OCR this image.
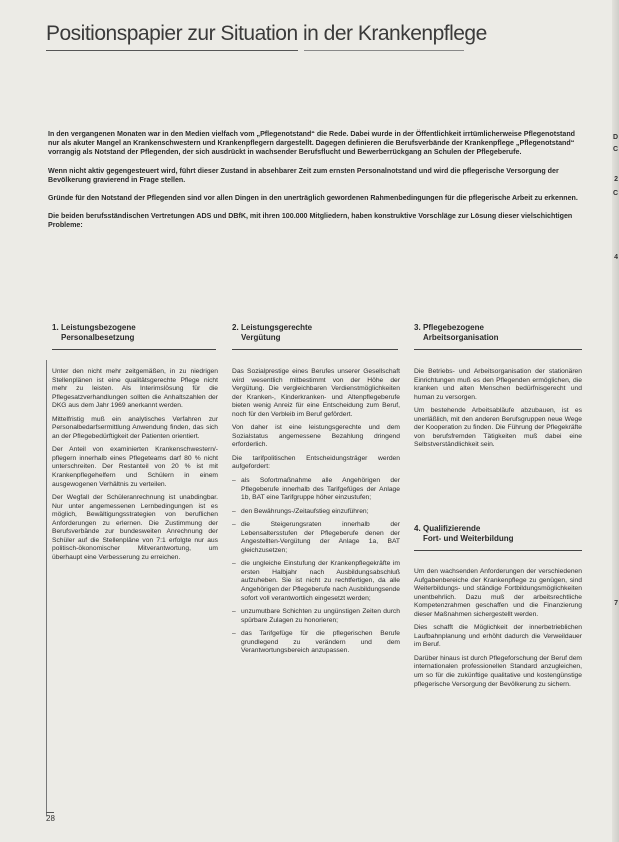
Positionspapier zur Situation in der Krankenpflege

In den vergangenen Monaten war in den Medien vielfach vom „Pflegenotstand“ die Rede. Dabei wurde in der Öffentlichkeit irrtümlicherweise Pflegenotstand nur als akuter Mangel an Krankenschwestern und Krankenpflegern dargestellt. Dagegen definieren die Berufsverbände der Krankenpflege „Pflegenotstand“ vorrangig als Notstand der Pflegenden, der sich ausdrückt in wachsender Berufsflucht und Bewerberrückgang an Schulen der Pflegeberufe.

Wenn nicht aktiv gegengesteuert wird, führt dieser Zustand in absehbarer Zeit zum ernsten Personalnotstand und wird die pflegerische Versorgung der Bevölkerung gravierend in Frage stellen.

Gründe für den Notstand der Pflegenden sind vor allen Dingen in den unerträglich gewordenen Rahmenbedingungen für die pflegerische Arbeit zu erkennen.

Die beiden berufsständischen Vertretungen ADS und DBfK, mit ihren 100.000 Mitgliedern, haben konstruktive Vorschläge zur Lösung dieser vielschichtigen Probleme:

1. Leistungsbezogene
Personalbesetzung
2. Leistungsgerechte
Vergütung
3. Pflegebezogene
Arbeitsorganisation

Unter den nicht mehr zeitgemäßen, in zu niedrigen Stellenplänen ist eine qualitätsgerechte Pflege nicht mehr zu leisten. Als Interimslösung für die Pflegesatzverhandlungen sollten die Anhaltszahlen der DKG aus dem Jahr 1969 anerkannt werden.

Mittelfristig muß ein analytisches Verfahren zur Personalbedarfsermittlung Anwendung finden, das sich an der Pflegebedürftigkeit der Patienten orientiert.

Der Anteil von examinierten Krankenschwestern/-pflegern innerhalb eines Pflegeteams darf 80 % nicht unterschreiten. Der Restanteil von 20 % ist mit Krankenpflegehelfern und Schülern in einem ausgewogenen Verhältnis zu verteilen.

Der Wegfall der Schüleranrechnung ist unabdingbar. Nur unter angemessenen Lernbedingungen ist es möglich, Bewältigungsstrategien von beruflichen Anforderungen zu erlernen. Die Zustimmung der Berufsverbände zur bundesweiten Anrechnung der Schüler auf die Stellenpläne von 7:1 erfolgte nur aus politisch-ökonomischer Mitverantwortung, um überhaupt eine Verbesserung zu erreichen.

Das Sozialprestige eines Berufes unserer Gesellschaft wird wesentlich mitbestimmt von der Höhe der Vergütung. Die vergleichbaren Verdienstmöglichkeiten der Kranken-, Kinderkranken- und Altenpflegeberufe bieten wenig Anreiz für eine Entscheidung zum Beruf, noch für den Verbleib im Beruf gefördert.

Von daher ist eine leistungsgerechte und dem Sozialstatus angemessene Bezahlung dringend erforderlich.

Die tarifpolitischen Entscheidungsträger werden aufgefordert:

– als Sofortmaßnahme alle Angehörigen der Pflegeberufe innerhalb des Tarifgefüges der Anlage 1b, BAT eine Tarifgruppe höher einzustufen;
– den Bewährungs-/Zeitaufstieg einzuführen;
– die Steigerungsraten innerhalb der Lebensaltersstufen der Pflegeberufe denen der Angestellten-Vergütung der Anlage 1a, BAT gleichzusetzen;
– die ungleiche Einstufung der Krankenpflegekräfte im ersten Halbjahr nach Ausbildungsabschluß aufzuheben. Sie ist nicht zu rechtfertigen, da alle Angehörigen der Pflegeberufe nach Ausbildungsende sofort voll verantwortlich eingesetzt werden;
– unzumutbare Schichten zu ungünstigen Zeiten durch spürbare Zulagen zu honorieren;
– das Tarifgefüge für die pflegerischen Berufe grundlegend zu verändern und dem Verantwortungsbereich anzupassen.

Die Betriebs- und Arbeitsorganisation der stationären Einrichtungen muß es den Pflegenden ermöglichen, die kranken und alten Menschen bedürfnisgerecht und human zu versorgen.

Um bestehende Arbeitsabläufe abzubauen, ist es unerläßlich, mit den anderen Berufsgruppen neue Wege der Kooperation zu finden. Die Führung der Pflegekräfte von berufsfremden Tätigkeiten muß dabei eine Selbstverständlichkeit sein.

4. Qualifizierende
Fort- und Weiterbildung

Um den wachsenden Anforderungen der verschiedenen Aufgabenbereiche der Krankenpflege zu genügen, sind Weiterbildungs- und ständige Fortbildungsmöglichkeiten unentbehrlich. Dazu muß der arbeitsrechtliche Kompetenzrahmen geschaffen und die Finanzierung dieser Maßnahmen sichergestellt werden.

Dies schafft die Möglichkeit der innerbetrieblichen Laufbahnplanung und erhöht dadurch die Verweildauer im Beruf.

Darüber hinaus ist durch Pflegeforschung der Beruf dem internationalen professionellen Standard anzugleichen, um so für die zukünftige qualitative und kostengünstige pflegerische Versorgung der Bevölkerung zu sichern.

28
D
C
2
C
4
7
